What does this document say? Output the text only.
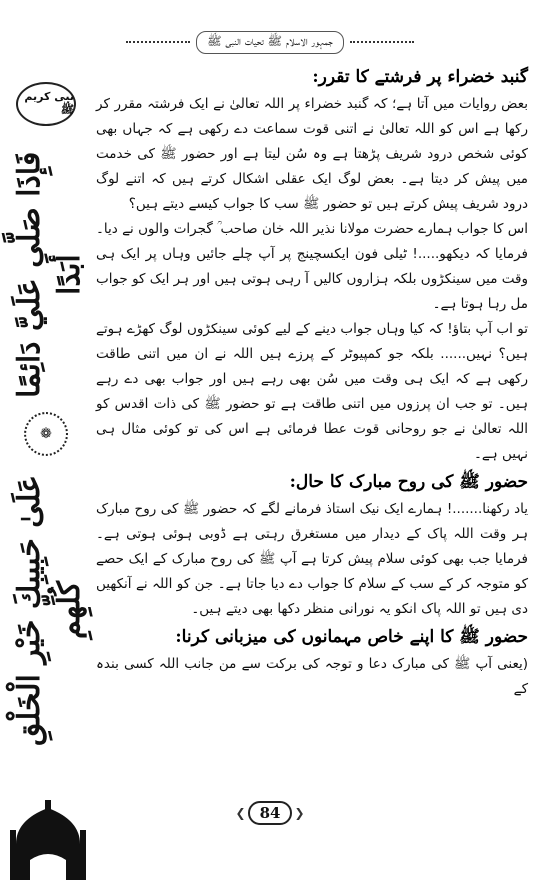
جمہور الاسلام ﷺ تحیات النبی ﷺ
نبی کریم ﷺ
فَإِذَا صَلَّى عَلَيَّ دَائِمًا أَبَدًا
❁
عَلَىٰ حَبِيبِكَ خَيْرِ الْخَلْقِ كُلِّهِمِ

گنبد خضراء پر فرشتے کا تقرر:

بعض روایات میں آتا ہے؛ کہ گنبد خضراء پر اللہ تعالیٰ نے ایک فرشتہ مقرر کر رکھا ہے اس کو اللہ تعالیٰ نے اتنی قوت سماعت دے رکھی ہے کہ جہاں بھی کوئی شخص درود شریف پڑھتا ہے وہ سُن لیتا ہے اور حضور ﷺ کی خدمت میں پیش کر دیتا ہے۔ بعض لوگ ایک عقلی اشکال کرتے ہیں کہ اتنے لوگ درود شریف پیش کرتے ہیں تو حضور ﷺ سب کا جواب کیسے دیتے ہیں؟

اس کا جواب ہمارے حضرت مولانا نذیر اللہ خان صاحب ؒ گجرات والوں نے دیا۔ فرمایا کہ دیکھو.....! ٹیلی فون ایکسچینج پر آپ چلے جائیں وہاں پر ایک ہی وقت میں سینکڑوں بلکہ ہزاروں کالیں آ رہی ہوتی ہیں اور ہر ایک کو جواب مل رہا ہوتا ہے۔

تو اب آپ بتاؤ! کہ کیا وہاں جواب دینے کے لیے کوئی سینکڑوں لوگ کھڑے ہوتے ہیں؟ نہیں...... بلکہ جو کمپیوٹر کے پرزے ہیں اللہ نے ان میں اتنی طاقت رکھی ہے کہ ایک ہی وقت میں سُن بھی رہے ہیں اور جواب بھی دے رہے ہیں۔ تو جب ان پرزوں میں اتنی طاقت ہے تو حضور ﷺ کی ذات اقدس کو اللہ تعالیٰ نے جو روحانی قوت عطا فرمائی ہے اس کی تو کوئی مثال ہی نہیں ہے۔

حضور ﷺ کی روح مبارک کا حال:

یاد رکھنا.......! ہمارے ایک نیک استاذ فرمانے لگے کہ حضور ﷺ کی روح مبارک ہر وقت اللہ پاک کے دیدار میں مستغرق رہتی ہے ڈوبی ہوئی ہوتی ہے۔ فرمایا جب بھی کوئی سلام پیش کرتا ہے آپ ﷺ کی روح مبارک کے ایک حصے کو متوجہ کر کے سب کے سلام کا جواب دے دیا جاتا ہے۔ جن کو اللہ نے آنکھیں دی ہیں تو اللہ پاک انکو یہ نورانی منظر دکھا بھی دیتے ہیں۔

حضور ﷺ کا اپنے خاص مہمانوں کی میزبانی کرنا:

(یعنی آپ ﷺ کی مبارک دعا و توجہ کی برکت سے من جانب اللہ کسی بندہ کے

❮ 84	❯
